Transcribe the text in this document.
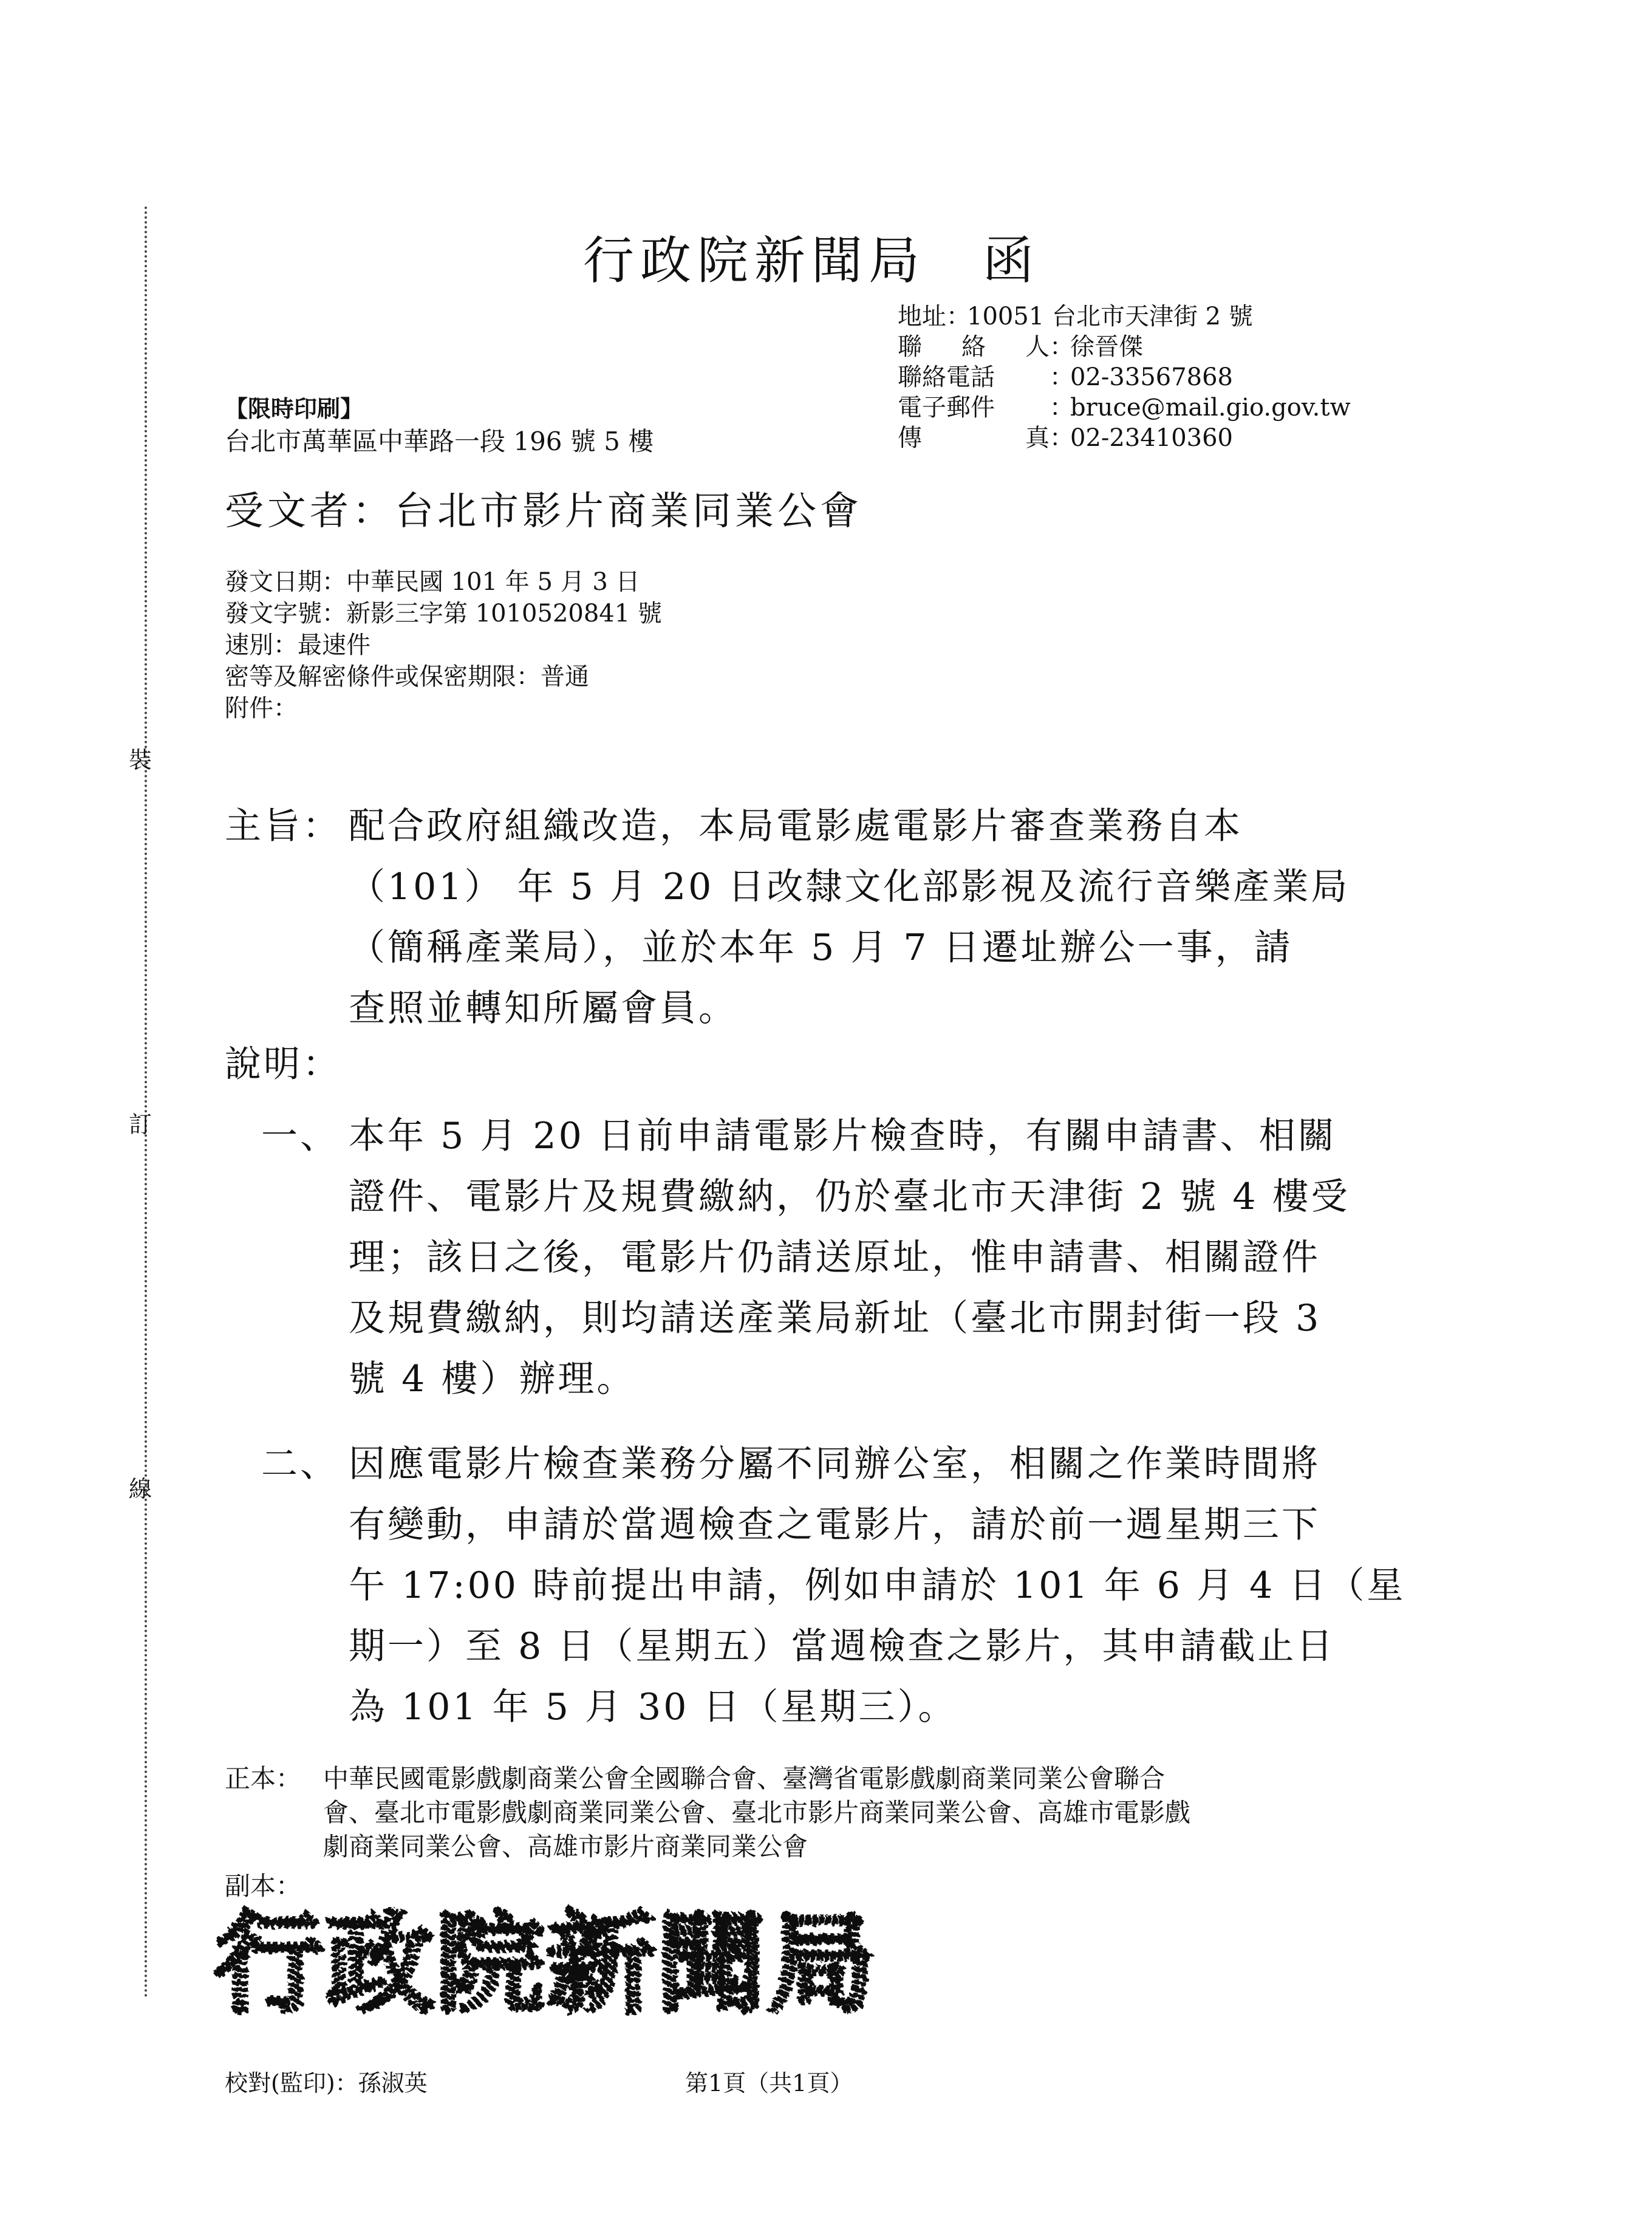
裝
訂
線
行政院新聞局　函
地址 ：
10051 台北市天津街 2 號
聯 絡 人 ：
徐晉傑
聯絡電話	：
02-33567868
電子郵件	：
bruce@mail.gio.gov.tw
傳	真 ：
02-23410360
【限時印刷】
台北市萬華區中華路一段 196 號 5 樓
受文者：台北市影片商業同業公會
發文日期：中華民國 101 年 5 月 3 日
發文字號：新影三字第 1010520841 號
速別：最速件
密等及解密條件或保密期限：普通
附件：
主旨： 配合政府組織改造，本局電影處電影片審查業務自本
（101） 年 5 月 20 日改隸文化部影視及流行音樂產業局
（簡稱產業局），並於本年 5 月 7 日遷址辦公一事，請
查照並轉知所屬會員。
說明：
一、 本年 5 月 20 日前申請電影片檢查時，有關申請書、相關
證件、電影片及規費繳納，仍於臺北市天津街 2 號 4 樓受
理；該日之後，電影片仍請送原址，惟申請書、相關證件
及規費繳納，則均請送產業局新址（臺北市開封街一段 3
號 4 樓）辦理。
二、 因應電影片檢查業務分屬不同辦公室，相關之作業時間將
有變動，申請於當週檢查之電影片，請於前一週星期三下
午 17:00 時前提出申請，例如申請於 101 年 6 月 4 日（星
期一）至 8 日（星期五）當週檢查之影片，其申請截止日
為 101 年 5 月 30 日（星期三）。
正本： 中華民國電影戲劇商業公會全國聯合會、臺灣省電影戲劇商業同業公會聯合
會、臺北市電影戲劇商業同業公會、臺北市影片商業同業公會、高雄市電影戲
劇商業同業公會、高雄市影片商業同業公會
副本：
行政院新聞局
校對(監印)：孫淑英	第1頁（共1頁）
